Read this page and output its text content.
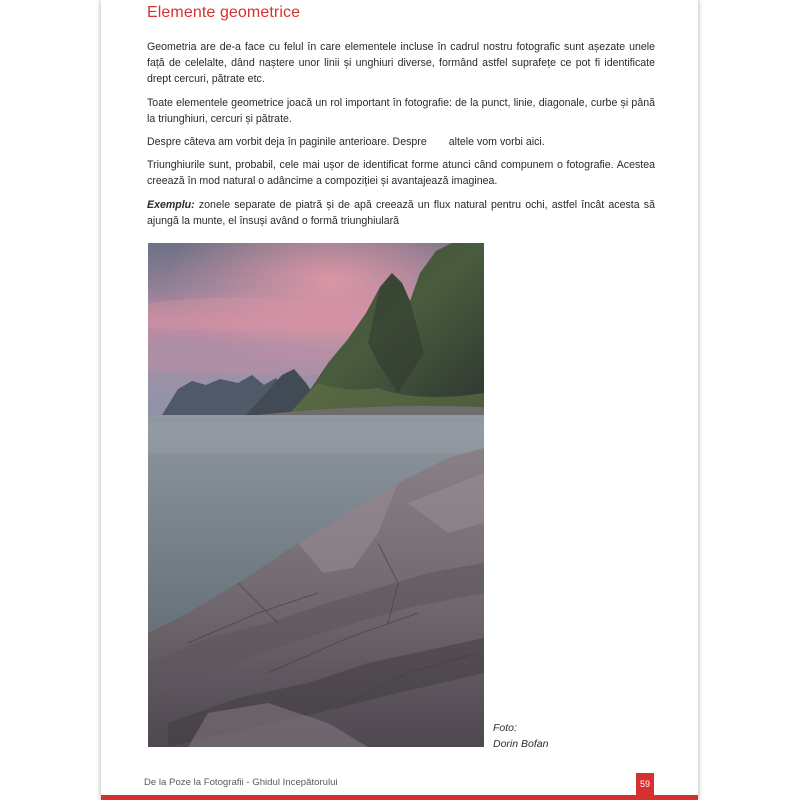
Elemente geometrice

Geometria are de-a face cu felul în care elementele incluse în cadrul nostru fotografic sunt așezate unele față de celelalte, dând naștere unor linii și unghiuri diverse, formând astfel suprafețe ce pot fi identificate drept cercuri, pătrate etc.

Toate elementele geometrice joacă un rol important în fotografie: de la punct, linie, diagonale, curbe și până la triunghiuri, cercuri și pătrate.

Despre câteva am vorbit deja în paginile anterioare. Despre altele vom vorbi aici.

Triunghiurile sunt, probabil, cele mai ușor de identificat forme atunci când compunem o fotografie. Acestea creează în mod natural o adâncime a compoziției și avantajează imaginea.

Exemplu: zonele separate de piatră și de apă creează un flux natural pentru ochi, astfel încât acesta să ajungă la munte, el însuși având o formă triunghiulară

Foto:
Dorin Bofan
De la Poze la Fotografii - Ghidul Incepătorului	59
